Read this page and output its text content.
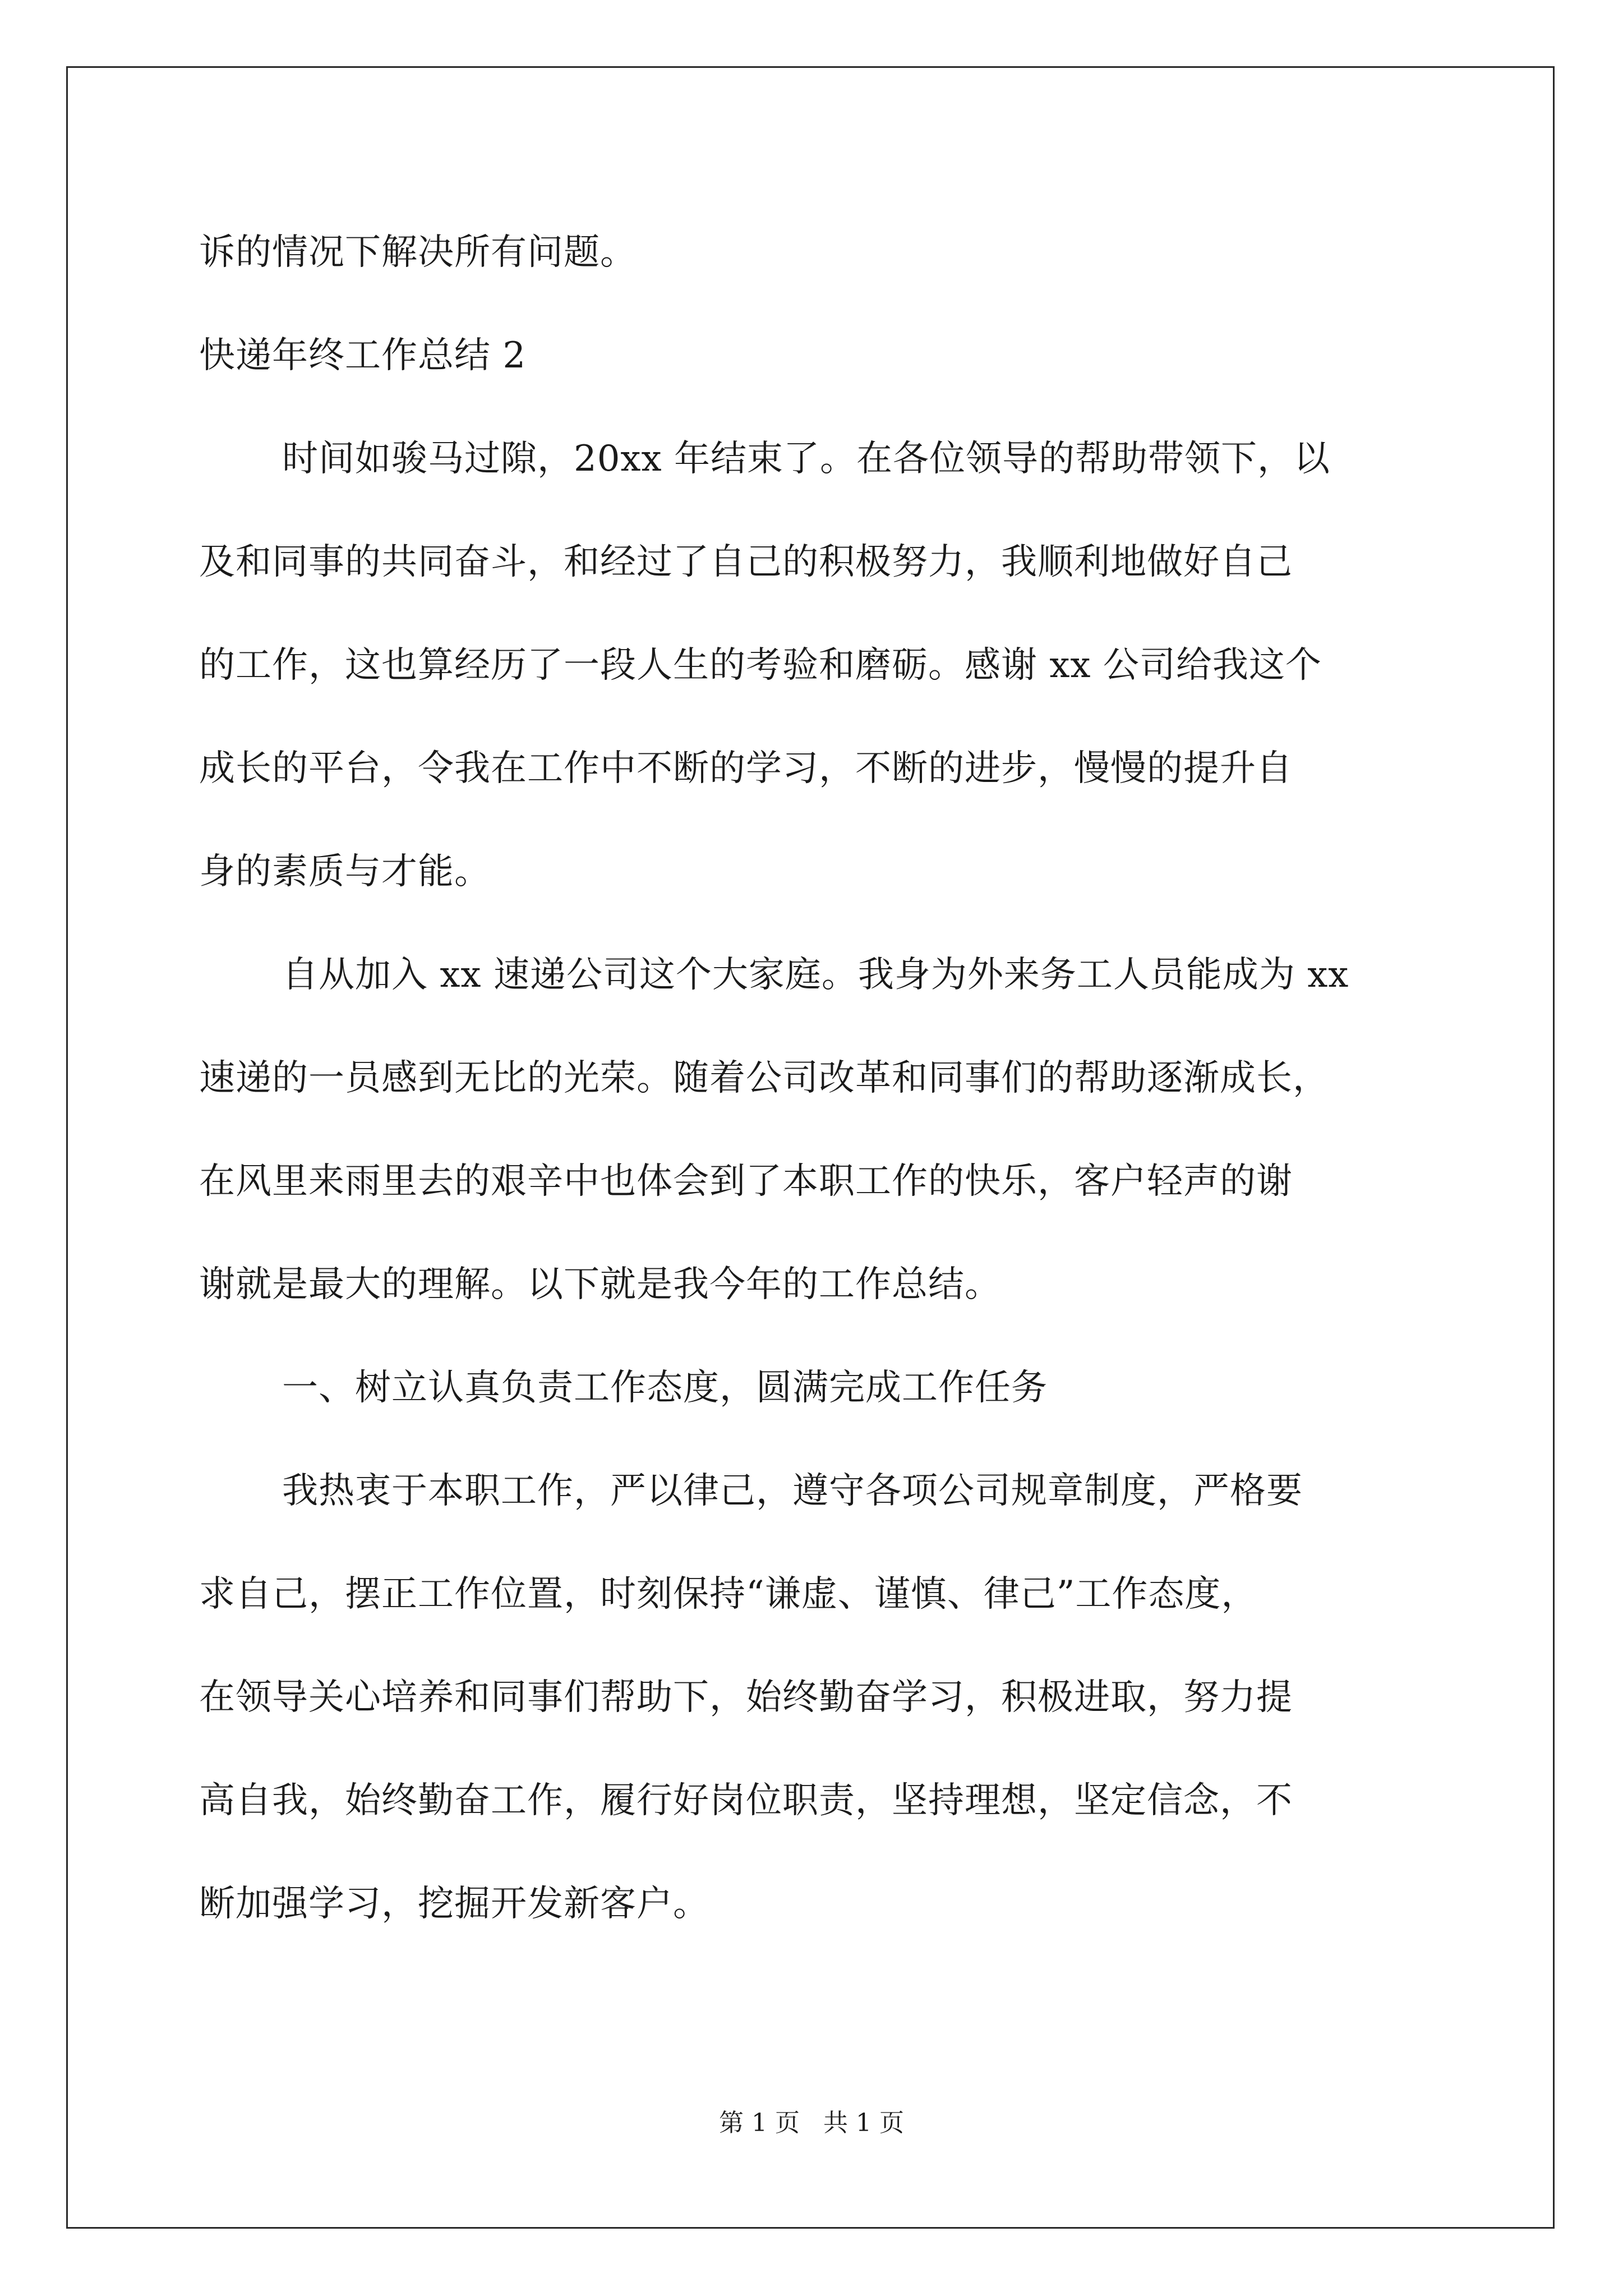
诉的情况下解决所有问题。
快递年终工作总结 2
时间如骏马过隙，20xx 年结束了。在各位领导的帮助带领下，以
及和同事的共同奋斗，和经过了自己的积极努力，我顺利地做好自己
的工作，这也算经历了一段人生的考验和磨砺。感谢 xx 公司给我这个
成长的平台，令我在工作中不断的学习，不断的进步，慢慢的提升自
身的素质与才能。
自从加入 xx 速递公司这个大家庭。我身为外来务工人员能成为 xx
速递的一员感到无比的光荣。随着公司改革和同事们的帮助逐渐成长，
在风里来雨里去的艰辛中也体会到了本职工作的快乐，客户轻声的谢
谢就是最大的理解。以下就是我今年的工作总结。
一、树立认真负责工作态度，圆满完成工作任务
我热衷于本职工作，严以律己，遵守各项公司规章制度，严格要
求自己，摆正工作位置，时刻保持“谦虚、谨慎、律己”工作态度，
在领导关心培养和同事们帮助下，始终勤奋学习，积极进取，努力提
高自我，始终勤奋工作，履行好岗位职责，坚持理想，坚定信念，不
断加强学习，挖掘开发新客户。
第 1 页   共 1 页
